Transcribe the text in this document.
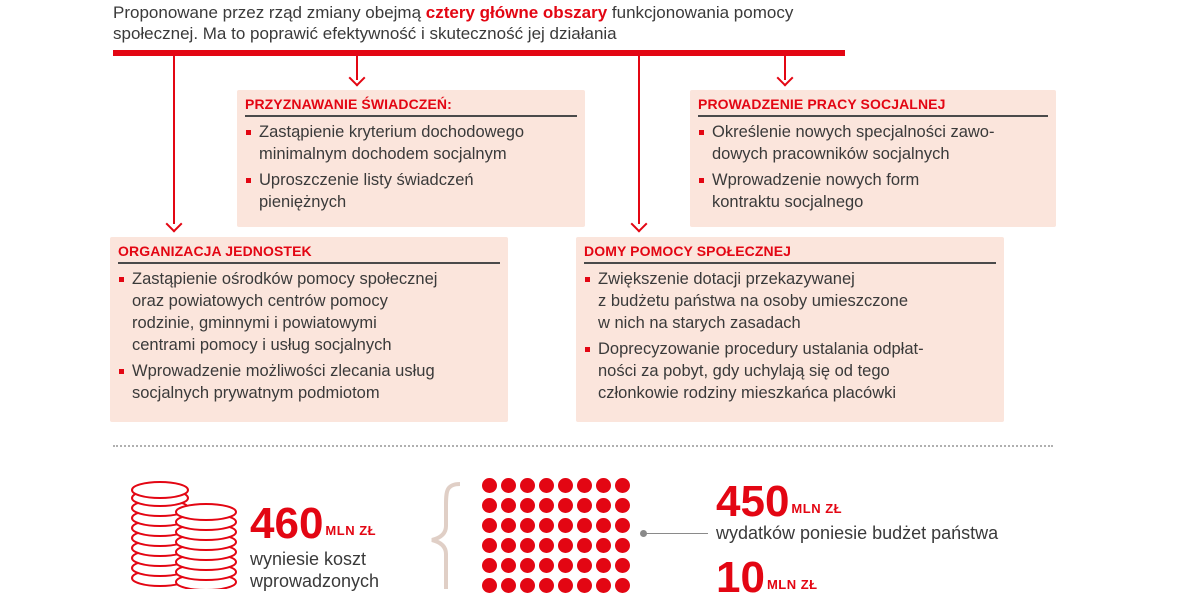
Proponowane przez rząd zmiany obejmą cztery główne obszary funkcjonowania pomocy społecznej. Ma to poprawić efektywność i skuteczność jej działania
PRZYZNAWANIE ŚWIADCZEŃ:
Zastąpienie kryterium dochodowego
minimalnym dochodem socjalnym
Uproszczenie listy świadczeń
pieniężnych
PROWADZENIE PRACY SOCJALNEJ
Określenie nowych specjalności zawo-
dowych pracowników socjalnych
Wprowadzenie nowych form
kontraktu socjalnego
ORGANIZACJA JEDNOSTEK
Zastąpienie ośrodków pomocy społecznej
oraz powiatowych centrów pomocy
rodzinie, gminnymi i powiatowymi
centrami pomocy i usług socjalnych
Wprowadzenie możliwości zlecania usług
socjalnych prywatnym podmiotom
DOMY POMOCY SPOŁECZNEJ
Zwiększenie dotacji przekazywanej
z budżetu państwa na osoby umieszczone
w nich na starych zasadach
Doprecyzowanie procedury ustalania odpłat-
ności za pobyt, gdy uchylają się od tego
członkowie rodziny mieszkańca placówki
460 MLN ZŁ
wyniesie koszt
wprowadzonych
450 MLN ZŁ
wydatków poniesie budżet państwa
10 MLN ZŁ
